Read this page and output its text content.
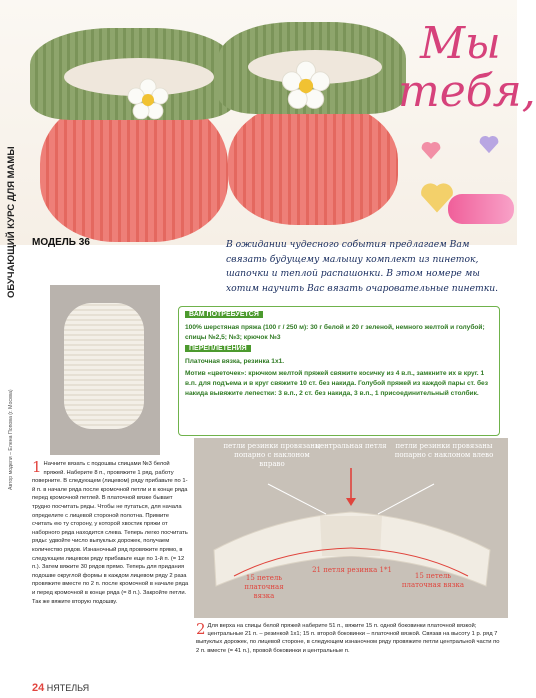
Мы
тебя,
ОБУЧАЮЩИЙ КУРС ДЛЯ МАМЫ
Автор модели – Елена Попова (г. Москва)
МОДЕЛЬ 36	В ожидании чудесного события предлагаем Вам связать будущему малышу комплект из пинеток, шапочки и теплой распашонки. В этом номере мы хотим научить Вас вязать очаровательные пинетки.
ВАМ ПОТРЕБУЕТСЯ
100% шерстяная пряжа (100 г / 250 м): 30 г белой и 20 г зеленой, немного желтой и голубой; спицы №2,5; №3; крючок №3
ПЕРЕПЛЕТЕНИЯ
Платочная вязка, резинка 1х1.
Мотив «цветочек»: крючком желтой пряжей свяжите косичку из 4 в.п., замкните их в круг. 1 в.п. для подъема и в круг свяжите 10 ст. без накида. Голубой пряжей из каждой пары ст. без накида вывяжите лепестки: 3 в.п., 2 ст. без накида, 3 в.п., 1 присоединительный столбик.
1 Начните вязать с подошвы спицами №3 белой пряжей. Наберите 8 п., провяжите 1 ряд, работу поверните. В следующем (лицевом) ряду прибавьте по 1-й п. в начале ряда после кромочной петли и в конце ряда перед кромочной петлей. В платочной вязке бывает трудно посчитать ряды. Чтобы не путаться, для начала определите с лицевой стороной полотна. Примите считать ею ту сторону, у которой хвостик пряжи от наборного ряда находится слева. Теперь легко посчитать ряды: удвойте число выпуклых дорожек, получаем количество рядов. Изнаночный ряд провяжите прямо, в следующем лицевом ряду прибавьте еще по 1-й п. (= 12 п.). Затем вяжите 30 рядов прямо. Теперь для придания подошве округлой формы в каждом лицевом ряду 2 раза провяжите вместе по 2 п. после кромочной в начале ряда и перед кромочной в конце ряда (= 8 п.). Закройте петли. Так же вяжите вторую подошву.
петли резинки провязаны попарно с наклоном вправо
центральная петля	петли резинки провязаны попарно с наклоном влево
15 петель платочная вязка
21 петля резинка 1*1
15 петель платочная вязка
2 Для верха на спицы белой пряжей наберите 51 п., вяжите 15 п. одной боковинки платочной вязкой; центральные 21 п. – резинкой 1х1; 15 п. второй боковинки – платочной вязкой. Связав на высоту 1 р. ряд 7 выпуклых дорожек, по лицевой стороне, в следующем изнаночном ряду провяжите петли центральной части по 2 п. вместе (= 41 п.), провой боковинки и центральные п.
24 НЯТЕЛЬЯ
